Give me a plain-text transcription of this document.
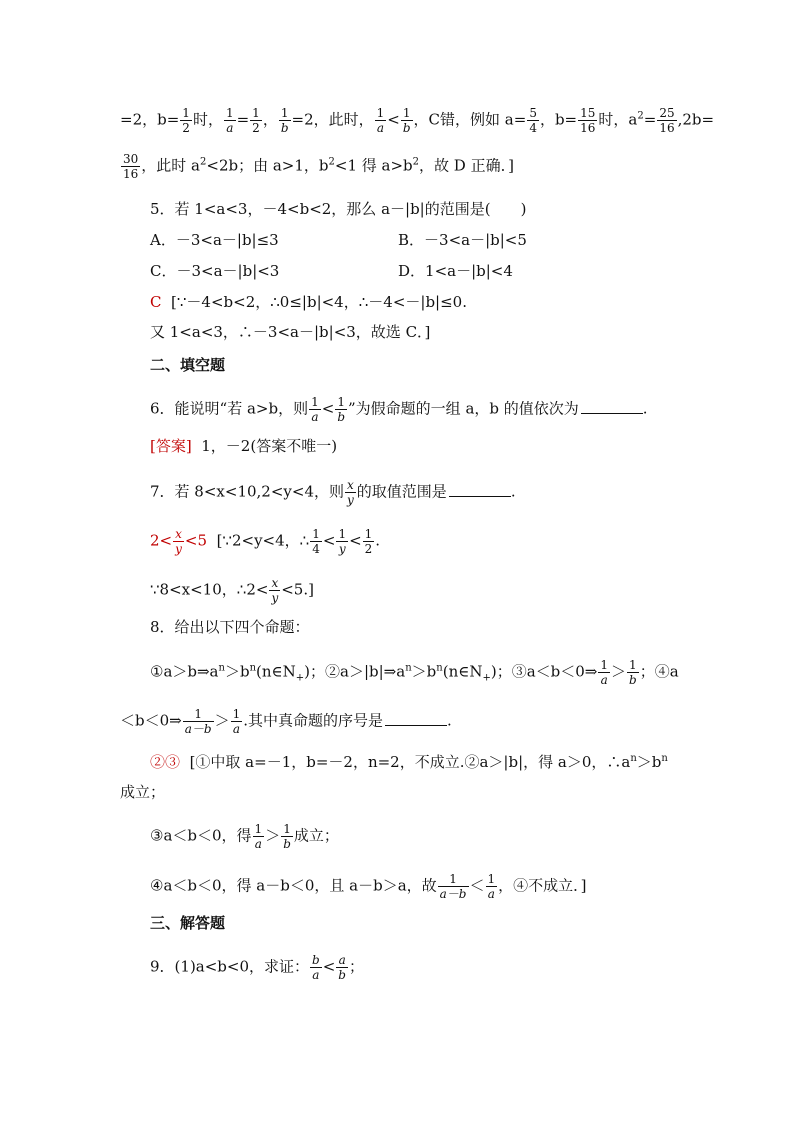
=2，$b= \frac{1}{2}$ 时， $\frac{1}{a} = \frac{1}{2}$ ， $\frac{1}{b} =2$，此时， $\frac{1}{a} < \frac{1}{b}$ ，C错，例如 $a= \frac{5}{4}$ ，$b= \frac{15}{16}$ 时，$a^2= \frac{25}{16} ,2b=$
$\frac{30}{16}$ ，此时 $a^2<2b$；由 a>1，$b^2<1$ 得 $a>b^2$，故 D 正确．]
5．若 1<a<3，－4<b<2，那么 a－|b|的范围是(　　)
A．－3<a－|b|≤3	B．－3<a－|b|<5
C．－3<a－|b|<3	D．1<a－|b|<4
C [∵－4<b<2，∴0≤|b|<4，∴－4<－|b|≤0.
又 1<a<3，∴－3<a－|b|<3，故选 C．]
二、填空题
6．能说明“若 a>b，则 $\frac{1}{a} < \frac{1}{b}$ ”为假命题的一组 a，b 的值依次为	.
[答案] 1，－2(答案不唯一)
7．若 8<x<10,2<y<4，则 $\frac{x}{y}$ 的取值范围是	.
$2< \frac{x}{y} <5$ [∵2<y<4，∴ $\frac{1}{4} < \frac{1}{y} < \frac{1}{2}$ .
∵8<x<10，∴2< $\frac{x}{y} <5$.]
8．给出以下四个命题：
$①a>b\Rightarrow a^n>b^n(n\in N_+)$；$②a>|b|\Rightarrow a^n>b^n(n\in N_+)$；③a＜b＜0⇒ $\frac{1}{a} > \frac{1}{b}$ ；④a
＜b＜0⇒ $\frac{1}{a-b} > \frac{1}{a}$ .其中真命题的序号是	.
②③ [①中取 a=－1，b=－2，n=2，不成立.②a＞|b|，得 a＞0，$\therefore a^n>b^n$
成立；
③a＜b＜0，得 $\frac{1}{a} > \frac{1}{b}$ 成立；
④a＜b＜0，得 a－b＜0，且 a－b＞a，故 $\frac{1}{a-b} < \frac{1}{a}$ ，④不成立．]
三、解答题
9．(1)a<b<0，求证： $\frac{b}{a} < \frac{a}{b}$ ；
